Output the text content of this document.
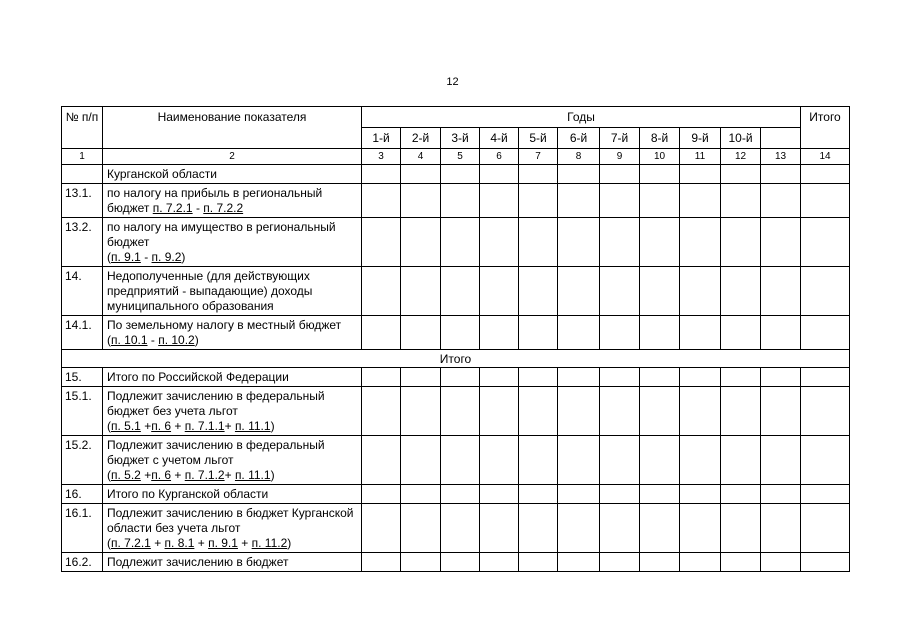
12
№ п/п	Наименование показателя	Годы											Итого
		1-й	2-й	3-й	4-й	5-й	6-й	7-й	8-й	9-й	10-й		
1	2	3	4	5	6	7	8	9	10	11	12	13	14
	Курганской области												
13.1.	по налогу на прибыль в региональный бюджет п. 7.2.1 - п. 7.2.2												
13.2.	по налогу на имущество в региональный бюджет
(п. 9.1 - п. 9.2)												
14.	Недополученные (для действующих предприятий - выпадающие) доходы муниципального образования												
14.1.	По земельному налогу в местный бюджет (п. 10.1 - п. 10.2)												
Итого													
15.	Итого по Российской Федерации												
15.1.	Подлежит зачислению в федеральный бюджет без учета льгот
(п. 5.1 +п. 6 + п. 7.1.1+ п. 11.1)												
15.2.	Подлежит зачислению в федеральный бюджет с учетом льгот
(п. 5.2 +п. 6 + п. 7.1.2+ п. 11.1)												
16.	Итого по Курганской области												
16.1.	Подлежит зачислению в бюджет Курганской области без учета льгот
(п. 7.2.1 + п. 8.1 + п. 9.1 + п. 11.2)												
16.2.	Подлежит зачислению в бюджет												
